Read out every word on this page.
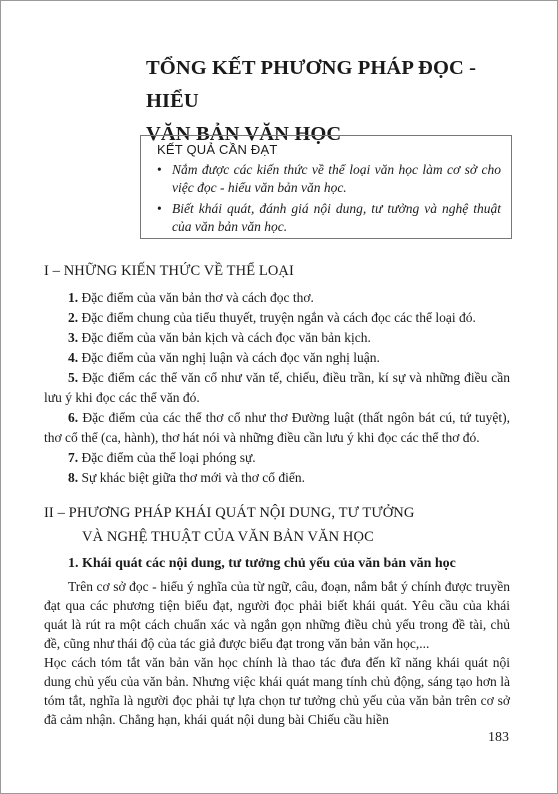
TỔNG KẾT PHƯƠNG PHÁP ĐỌC - HIỂU
VĂN BẢN VĂN HỌC
KẾT QUẢ CẦN ĐẠT
• Nắm được các kiến thức về thể loại văn học làm cơ sở cho việc đọc - hiểu văn bản văn học.
• Biết khái quát, đánh giá nội dung, tư tưởng và nghệ thuật của văn bản văn học.
I – NHỮNG KIẾN THỨC VỀ THỂ LOẠI
1. Đặc điểm của văn bản thơ và cách đọc thơ.
2. Đặc điểm chung của tiểu thuyết, truyện ngắn và cách đọc các thể loại đó.
3. Đặc điểm của văn bản kịch và cách đọc văn bản kịch.
4. Đặc điểm của văn nghị luận và cách đọc văn nghị luận.
5. Đặc điểm các thể văn cổ như văn tế, chiếu, điều trần, kí sự và những điều cần lưu ý khi đọc các thể văn đó.
6. Đặc điểm của các thể thơ cổ như thơ Đường luật (thất ngôn bát cú, tứ tuyệt), thơ cổ thể (ca, hành), thơ hát nói và những điều cần lưu ý khi đọc các thể thơ đó.
7. Đặc điểm của thể loại phóng sự.
8. Sự khác biệt giữa thơ mới và thơ cổ điển.
II – PHƯƠNG PHÁP KHÁI QUÁT NỘI DUNG, TƯ TƯỞNG
VÀ NGHỆ THUẬT CỦA VĂN BẢN VĂN HỌC
1. Khái quát các nội dung, tư tưởng chủ yếu của văn bản văn học
Trên cơ sở đọc - hiểu ý nghĩa của từ ngữ, câu, đoạn, nắm bắt ý chính được truyền đạt qua các phương tiện biểu đạt, người đọc phải biết khái quát. Yêu cầu của khái quát là rút ra một cách chuẩn xác và ngắn gọn những điều chủ yếu trong đề tài, chủ đề, cũng như thái độ của tác giả được biểu đạt trong văn bản văn học,...
Học cách tóm tắt văn bản văn học chính là thao tác đưa đến kĩ năng khái quát nội dung chủ yếu của văn bản. Nhưng việc khái quát mang tính chủ động, sáng tạo hơn là tóm tắt, nghĩa là người đọc phải tự lựa chọn tư tưởng chủ yếu của văn bản trên cơ sở đã cảm nhận. Chẳng hạn, khái quát nội dung bài Chiếu cầu hiền
183
